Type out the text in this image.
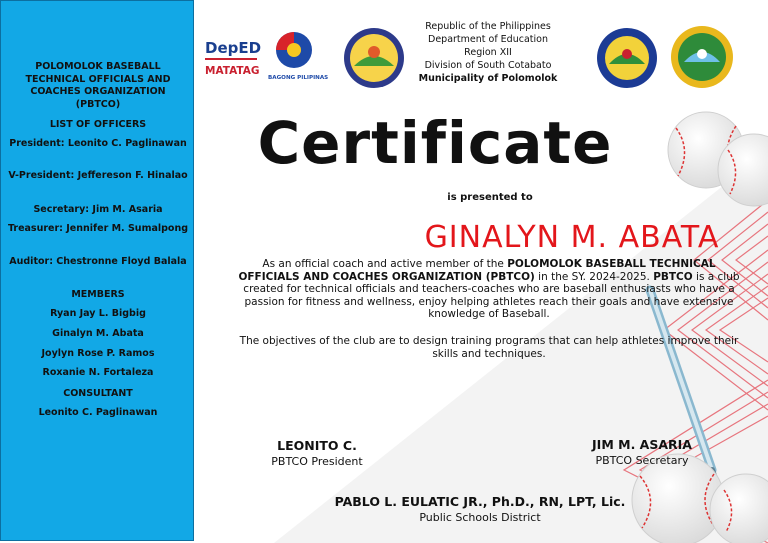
POLOMOLOK BASEBALL TECHNICAL OFFICIALS AND COACHES ORGANIZATION (PBTCO)
LIST OF OFFICERS
President: Leonito C. Paglinawan
V-President: Jeffereson F. Hinalao
Secretary: Jim M. Asaria
Treasurer: Jennifer M. Sumalpong
Auditor: Chestronne Floyd Balala
MEMBERS
Ryan Jay L. Bigbig
Ginalyn M. Abata
Joylyn Rose P. Ramos
Roxanie N. Fortaleza
CONSULTANT
Leonito C. Paglinawan
DepED
MATATAG
BAGONG PILIPINAS
Republic of the Philippines
Department of Education
Region XII
Division of South Cotabato
Municipality of Polomolok
Certificate
is presented to
GINALYN M. ABATA
As an official coach and active member of the POLOMOLOK BASEBALL TECHNICAL OFFICIALS AND COACHES ORGANIZATION (PBTCO) in the SY. 2024-2025. PBTCO is a club created for technical officials and teachers-coaches who are baseball enthusiasts who have a passion for fitness and wellness, enjoy helping athletes reach their goals and have extensive knowledge of Baseball.
The objectives of the club are to design training programs that can help athletes improve their skills and techniques.
LEONITO C.
PBTCO President
JIM M. ASARIA
PBTCO Secretary
PABLO L. EULATIC JR., Ph.D., RN, LPT, Lic.
Public Schools District
